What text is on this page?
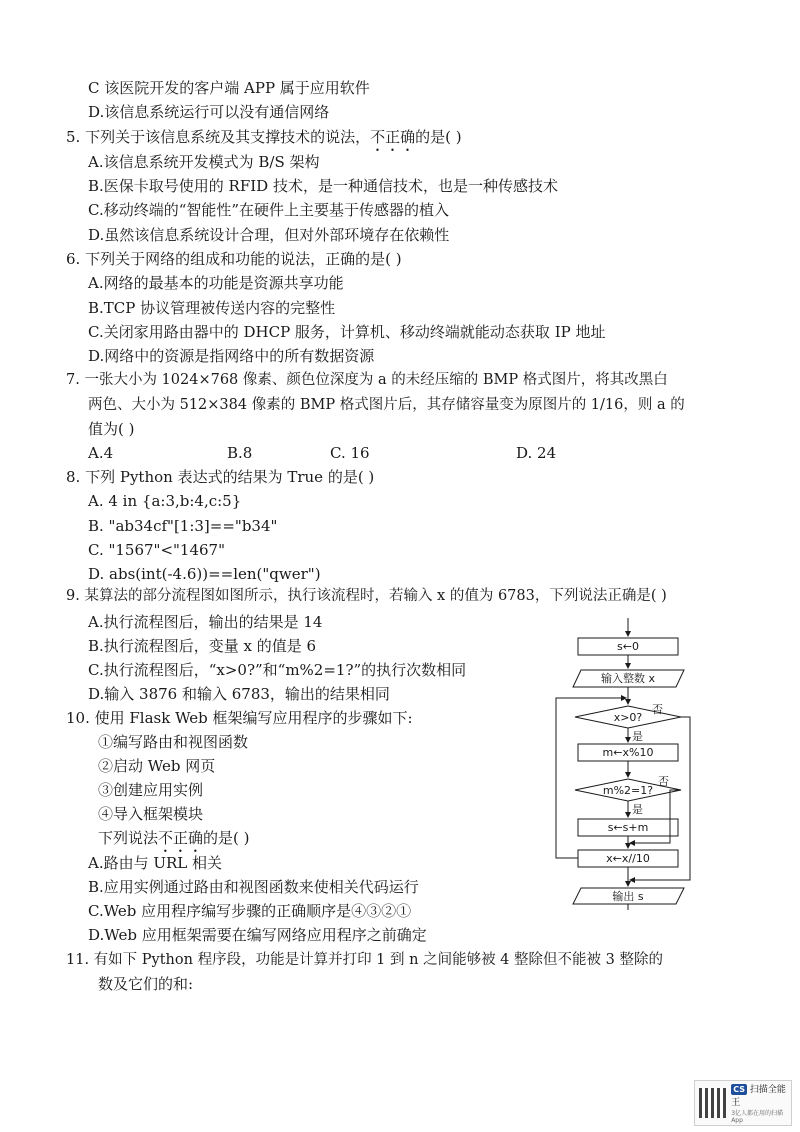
C 该医院开发的客户端 APP 属于应用软件
D.该信息系统运行可以没有通信网络
5. 下列关于该信息系统及其支撑技术的说法，不正确的是( )
A.该信息系统开发模式为 B/S 架构
B.医保卡取号使用的 RFID 技术，是一种通信技术，也是一种传感技术
C.移动终端的“智能性”在硬件上主要基于传感器的植入
D.虽然该信息系统设计合理，但对外部环境存在依赖性
6. 下列关于网络的组成和功能的说法，正确的是( )
A.网络的最基本的功能是资源共享功能
B.TCP 协议管理被传送内容的完整性
C.关闭家用路由器中的 DHCP 服务，计算机、移动终端就能动态获取 IP 地址
D.网络中的资源是指网络中的所有数据资源
7. 一张大小为 1024×768 像素、颜色位深度为 a 的未经压缩的 BMP 格式图片，将其改黑白
两色、大小为 512×384 像素的 BMP 格式图片后，其存储容量变为原图片的 1/16，则 a 的
值为( )
A.4	B.8	C. 16	D. 24
8. 下列 Python 表达式的结果为 True 的是( )
A. 4 in {a:3,b:4,c:5}
B. "ab34cf"[1:3]=="b34"
C. "1567"<"1467"
D. abs(int(-4.6))==len("qwer")
9. 某算法的部分流程图如图所示，执行该流程时，若输入 x 的值为 6783，下列说法正确是( )
A.执行流程图后，输出的结果是 14
B.执行流程图后，变量 x 的值是 6
C.执行流程图后，“x>0?”和“m%2=1?”的执行次数相同
D.输入 3876 和输入 6783，输出的结果相同
10. 使用 Flask Web 框架编写应用程序的步骤如下:
①编写路由和视图函数
②启动 Web 网页
③创建应用实例
④导入框架模块
下列说法不正确的是( )
A.路由与 URL 相关
B.应用实例通过路由和视图函数来使相关代码运行
C.Web 应用程序编写步骤的正确顺序是④③②①
D.Web 应用框架需要在编写网络应用程序之前确定
11. 有如下 Python 程序段，功能是计算并打印 1 到 n 之间能够被 4 整除但不能被 3 整除的
数及它们的和:
s←0
输入整数 x
x>0?
m←x%10
m%2=1?
s←s+m
x←x//10
输出 s
否
否
是
是
CS 扫描全能王
3亿人都在用的扫描App
